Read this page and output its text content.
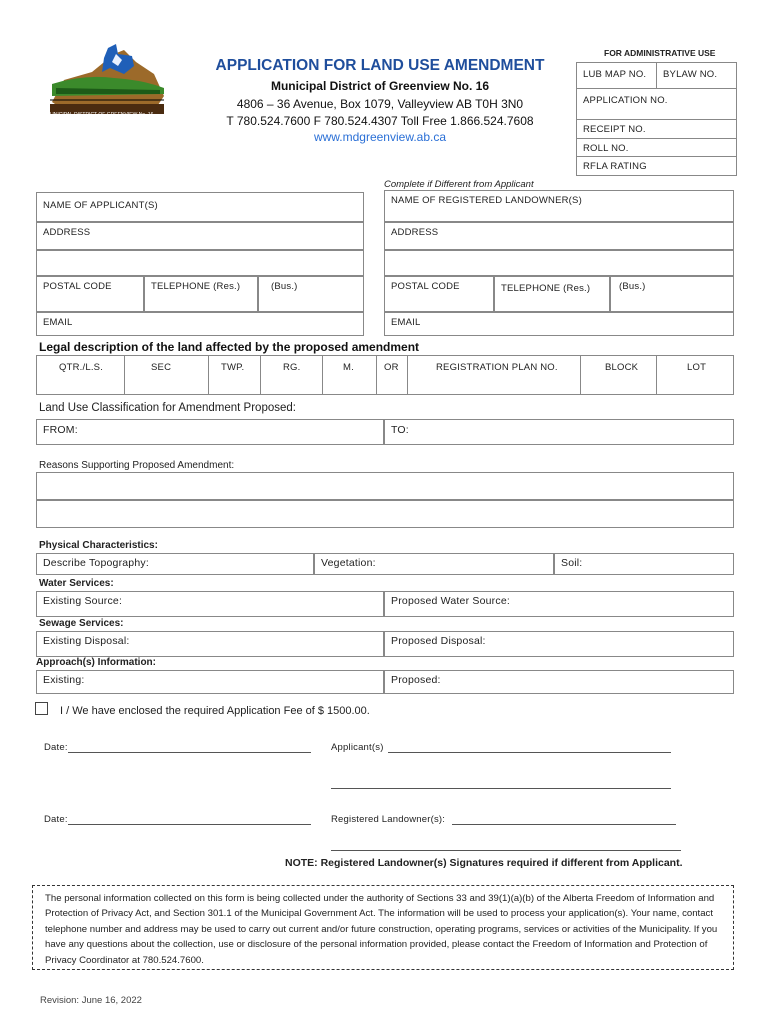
MUNICIPAL DISTRICT OF GREENVIEW No. 16
APPLICATION FOR LAND USE AMENDMENT
Municipal District of Greenview No. 16
4806 – 36 Avenue, Box 1079, Valleyview AB T0H 3N0
T 780.524.7600 F 780.524.4307 Toll Free 1.866.524.7608
www.mdgreenview.ab.ca
FOR ADMINISTRATIVE USE
LUB MAP NO. BYLAW NO.
APPLICATION NO.
RECEIPT NO.
ROLL NO.
RFLA RATING
Complete if Different from Applicant
NAME OF APPLICANT(S)	NAME OF REGISTERED LANDOWNER(S)
ADDRESS	ADDRESS
POSTAL CODE	TELEPHONE (Res.)	(Bus.)	POSTAL CODE	TELEPHONE (Res.)	(Bus.)
EMAIL	EMAIL
Legal description of the land affected by the proposed amendment
QTR./L.S.	SEC	TWP.	RG.	M.	OR	REGISTRATION PLAN NO.	BLOCK	LOT
Land Use Classification for Amendment Proposed:
FROM:	TO:
Reasons Supporting Proposed Amendment:
Physical Characteristics:
Describe Topography:	Vegetation:	Soil:
Water Services:
Existing Source:	Proposed Water Source:
Sewage Services:
Existing Disposal:	Proposed Disposal:
Approach(s) Information:
Existing:	Proposed:
I / We have enclosed the required Application Fee of $ 1500.00.
Date:	Applicant(s)
Date:	Registered Landowner(s):
NOTE: Registered Landowner(s) Signatures required if different from Applicant.
The personal information collected on this form is being collected under the authority of Sections 33 and 39(1)(a)(b) of the Alberta Freedom of Information and Protection of Privacy Act, and Section 301.1 of the Municipal Government Act. The information will be used to process your application(s). Your name, contact telephone number and address may be used to carry out current and/or future construction, operating programs, services or activities of the Municipality. If you have any questions about the collection, use or disclosure of the personal information provided, please contact the Freedom of Information and Protection of Privacy Coordinator at 780.524.7600.
Revision: June 16, 2022
